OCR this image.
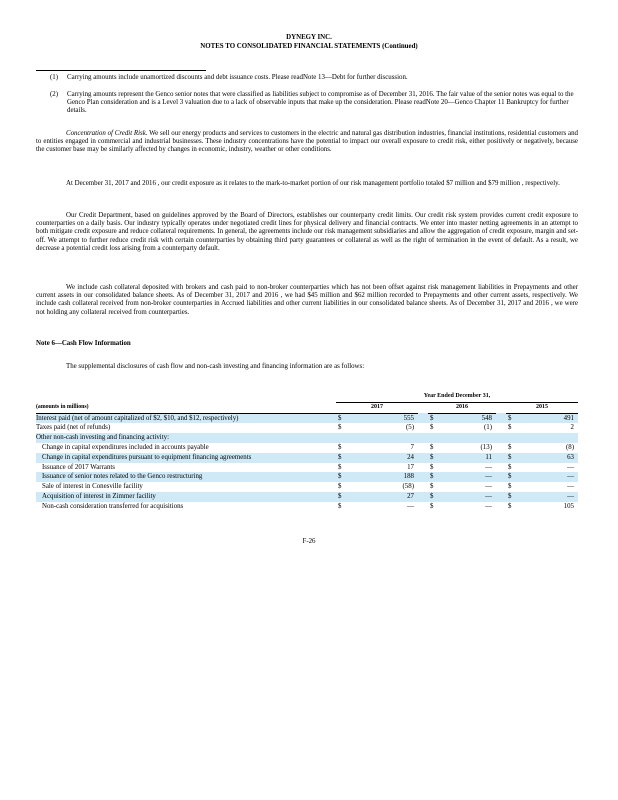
DYNEGY INC.
NOTES TO CONSOLIDATED FINANCIAL STATEMENTS (Continued)
(1) Carrying amounts include unamortized discounts and debt issuance costs. Please readNote 13—Debt for further discussion.
(2) Carrying amounts represent the Genco senior notes that were classified as liabilities subject to compromise as of December 31, 2016. The fair value of the senior notes was equal to the Genco Plan consideration and is a Level 3 valuation due to a lack of observable inputs that make up the consideration. Please readNote 20—Genco Chapter 11 Bankruptcy for further details.

Concentration of Credit Risk. We sell our energy products and services to customers in the electric and natural gas distribution industries, financial institutions, residential customers and to entities engaged in commercial and industrial businesses. These industry concentrations have the potential to impact our overall exposure to credit risk, either positively or negatively, because the customer base may be similarly affected by changes in economic, industry, weather or other conditions.

At December 31, 2017 and 2016 , our credit exposure as it relates to the mark-to-market portion of our risk management portfolio totaled $7 million and $79 million , respectively.

Our Credit Department, based on guidelines approved by the Board of Directors, establishes our counterparty credit limits. Our credit risk system provides current credit exposure to counterparties on a daily basis. Our industry typically operates under negotiated credit lines for physical delivery and financial contracts. We enter into master netting agreements in an attempt to both mitigate credit exposure and reduce collateral requirements. In general, the agreements include our risk management subsidiaries and allow the aggregation of credit exposure, margin and set-off. We attempt to further reduce credit risk with certain counterparties by obtaining third party guarantees or collateral as well as the right of termination in the event of default. As a result, we decrease a potential credit loss arising from a counterparty default.

We include cash collateral deposited with brokers and cash paid to non-broker counterparties which has not been offset against risk management liabilities in Prepayments and other current assets in our consolidated balance sheets. As of December 31, 2017 and 2016 , we had $45 million and $62 million recorded to Prepayments and other current assets, respectively. We include cash collateral received from non-broker counterparties in Accrued liabilities and other current liabilities in our consolidated balance sheets. As of December 31, 2017 and 2016 , we were not holding any collateral received from counterparties.

Note 6—Cash Flow Information

The supplemental disclosures of cash flow and non-cash investing and financing information are as follows:

	Year Ended December 31,							
(amounts in millions)	2017			2016			2015	
Interest paid (net of amount capitalized of $2, $10, and $12, respectively)	$	555		$	548		$	491
Taxes paid (net of refunds)	$	(5)		$	(1)		$	2
Other non-cash investing and financing activity:								
Change in capital expenditures included in accounts payable	$	7		$	(13)		$	(8)
Change in capital expenditures pursuant to equipment financing agreements	$	24		$	11		$	63
Issuance of 2017 Warrants	$	17		$	—		$	—
Issuance of senior notes related to the Genco restructuring	$	188		$	—		$	—
Sale of interest in Conesville facility	$	(58)		$	—		$	—
Acquisition of interest in Zimmer facility	$	27		$	—		$	—
Non-cash consideration transferred for acquisitions	$	—		$	—		$	105
F-26
